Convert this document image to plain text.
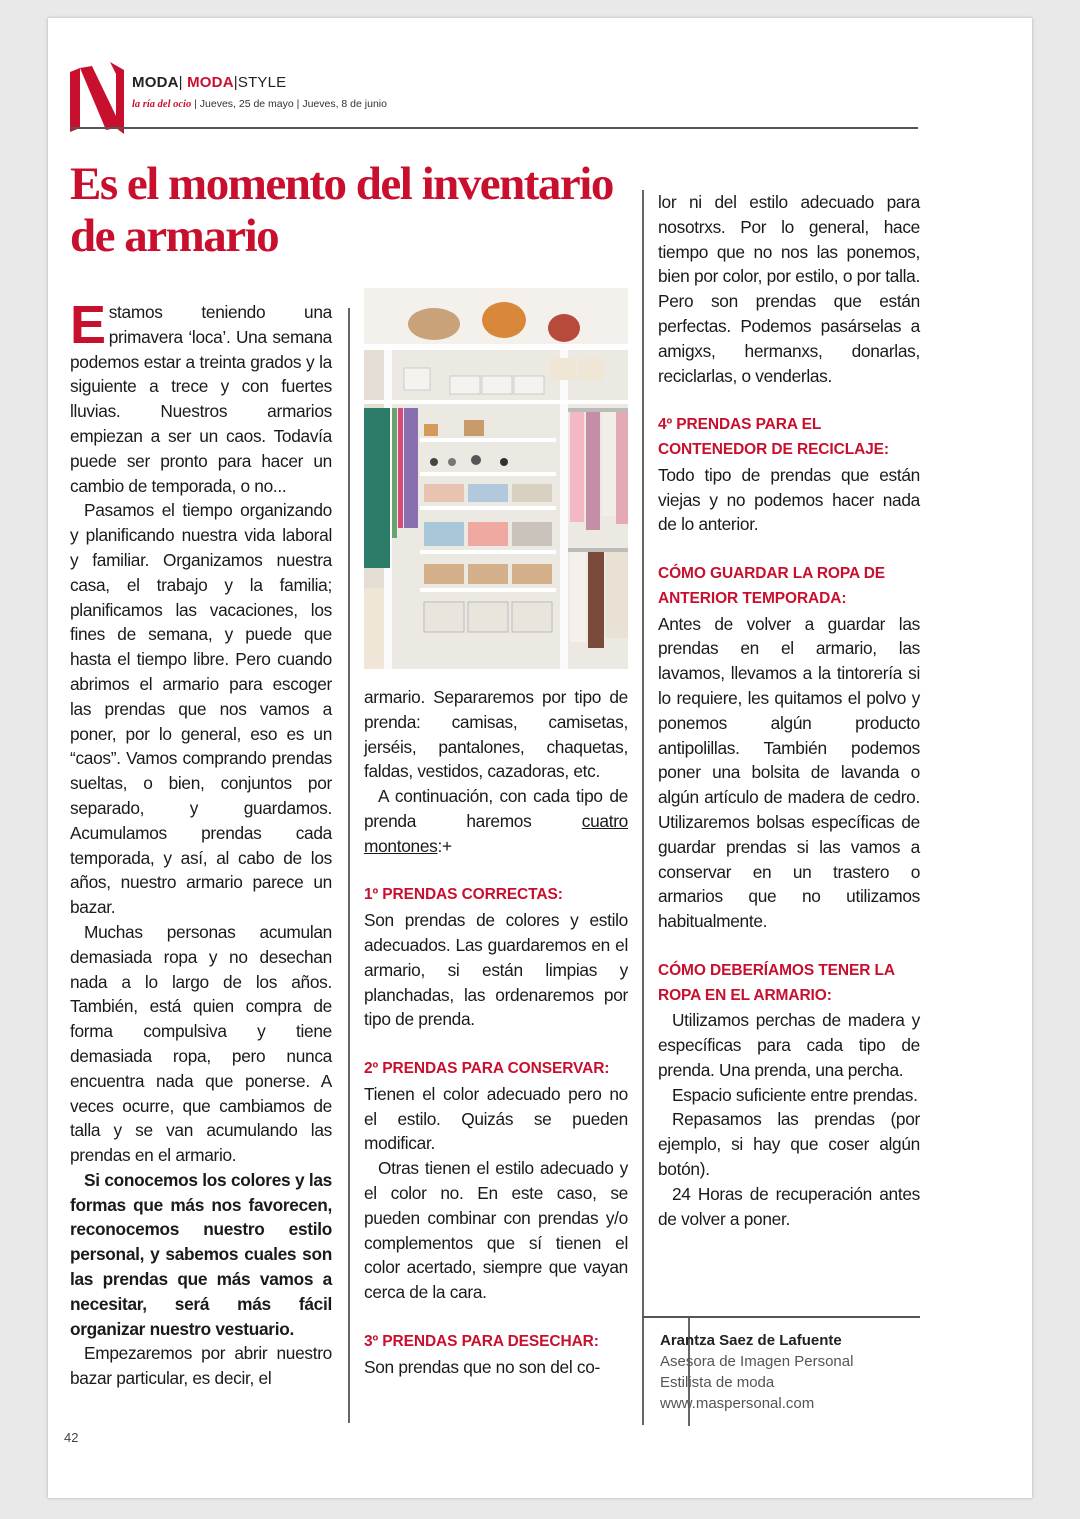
MODA| MODA|STYLE
la ría del ocio | Jueves, 25 de mayo | Jueves, 8 de junio
Es el momento del inventario de armario

Estamos teniendo una primavera ‘loca’. Una semana podemos estar a treinta grados y la siguiente a trece y con fuertes lluvias. Nuestros armarios empiezan a ser un caos. Todavía puede ser pronto para hacer un cambio de temporada, o no...

Pasamos el tiempo organizando y planificando nuestra vida laboral y familiar. Organizamos nuestra casa, el trabajo y la familia; planificamos las vacaciones, los fines de semana, y puede que hasta el tiempo libre. Pero cuando abrimos el armario para escoger las prendas que nos vamos a poner, por lo general, eso es un “caos”. Vamos comprando prendas sueltas, o bien, conjuntos por separado, y guardamos. Acumulamos prendas cada temporada, y así, al cabo de los años, nuestro armario parece un bazar.

Muchas personas acumulan demasiada ropa y no desechan nada a lo largo de los años. También, está quien compra de forma compulsiva y tiene demasiada ropa, pero nunca encuentra nada que ponerse. A veces ocurre, que cambiamos de talla y se van acumulando las prendas en el armario.

Si conocemos los colores y las formas que más nos favorecen, reconocemos nuestro estilo personal, y sabemos cuales son las prendas que más vamos a necesitar, será más fácil organizar nuestro vestuario.

Empezaremos por abrir nuestro bazar particular, es decir, el

armario. Separaremos por tipo de prenda: camisas, camisetas, jerséis, pantalones, chaquetas, faldas, vestidos, cazadoras, etc.

A continuación, con cada tipo de prenda haremos cuatro montones:+

1º PRENDAS CORRECTAS:

Son prendas de colores y estilo adecuados. Las guardaremos en el armario, si están limpias y planchadas, las ordenaremos por tipo de prenda.

2º PRENDAS PARA CONSERVAR:

Tienen el color adecuado pero no el estilo. Quizás se pueden modificar.

Otras tienen el estilo adecuado y el color no. En este caso, se pueden combinar con prendas y/o complementos que sí tienen el color acertado, siempre que vayan cerca de la cara.

3º PRENDAS PARA DESECHAR:

Son prendas que no son del co-

lor ni del estilo adecuado para nosotrxs. Por lo general, hace tiempo que no nos las ponemos, bien por color, por estilo, o por talla. Pero son prendas que están perfectas. Podemos pasárselas a amigxs, hermanxs, donarlas, reciclarlas, o venderlas.

4º PRENDAS PARA EL CONTENEDOR DE RECICLAJE:

Todo tipo de prendas que están viejas y no podemos hacer nada de lo anterior.

CÓMO GUARDAR LA ROPA DE ANTERIOR TEMPORADA:

Antes de volver a guardar las prendas en el armario, las lavamos, llevamos a la tintorería si lo requiere, les quitamos el polvo y ponemos algún producto antipolillas. También podemos poner una bolsita de lavanda o algún artículo de madera de cedro. Utilizaremos bolsas específicas de guardar prendas si las vamos a conservar en un trastero o armarios que no utilizamos habitualmente.

CÓMO DEBERÍAMOS TENER LA ROPA EN EL ARMARIO:

Utilizamos perchas de madera y específicas para cada tipo de prenda. Una prenda, una percha.

Espacio suficiente entre prendas.

Repasamos las prendas (por ejemplo, si hay que coser algún botón).

24 Horas de recuperación antes de volver a poner.

Arantza Saez de Lafuente
Asesora de Imagen Personal
Estilista de moda
www.maspersonal.com
42
